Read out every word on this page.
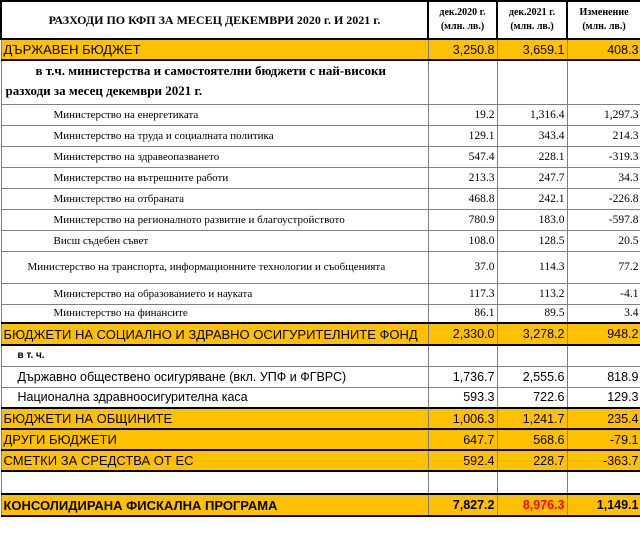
РАЗХОДИ ПО КФП ЗА МЕСЕЦ ДЕКЕМВРИ 2020 г. И 2021 г.	дек.2020 г. (млн. лв.)	дек.2021 г. (млн. лв.)	Изменение (млн. лв.)
ДЪРЖАВЕН БЮДЖЕТ	3,250.8	3,659.1	408.3
в т.ч. министерства и самостоятелни бюджети с най-високи разходи за месец декември 2021 г.			
Министерство на енергетиката	19.2	1,316.4	1,297.3
Министерство на труда и социалната политика	129.1	343.4	214.3
Министерство на здравеопазването	547.4	228.1	-319.3
Министерство на вътрешните работи	213.3	247.7	34.3
Министерство на отбраната	468.8	242.1	-226.8
Министерство на регионалното развитие и благоустройството	780.9	183.0	-597.8
Висш съдебен съвет	108.0	128.5	20.5
Министерство на транспорта, информационните технологии и съобщенията	37.0	114.3	77.2
Министерство на образованието и науката	117.3	113.2	-4.1
Министерство на финансите	86.1	89.5	3.4
БЮДЖЕТИ НА СОЦИАЛНО И ЗДРАВНО ОСИГУРИТЕЛНИТЕ ФОНД	2,330.0	3,278.2	948.2
в т. ч.			
Държавно обществено осигуряване (вкл. УПФ и ФГВРС)	1,736.7	2,555.6	818.9
Национална здравноосигурителна каса	593.3	722.6	129.3
БЮДЖЕТИ НА ОБЩИНИТЕ	1,006.3	1,241.7	235.4
ДРУГИ БЮДЖЕТИ	647.7	568.6	-79.1
СМЕТКИ ЗА СРЕДСТВА ОТ ЕС	592.4	228.7	-363.7

КОНСОЛИДИРАНА ФИСКАЛНА ПРОГРАМА	7,827.2	8,976.3	1,149.1
